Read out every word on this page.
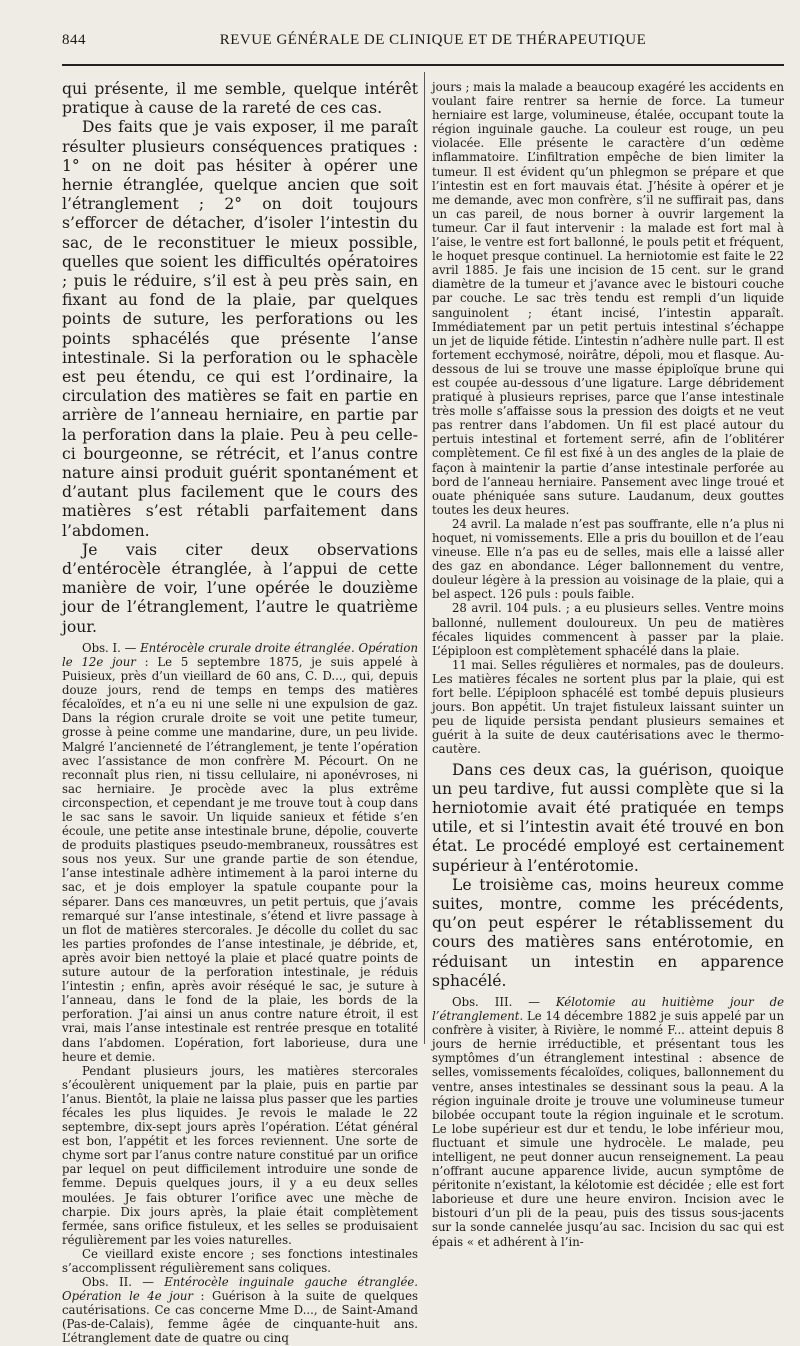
844	REVUE GÉNÉRALE DE CLINIQUE ET DE THÉRAPEUTIQUE

qui présente, il me semble, quelque intérêt pratique à cause de la rareté de ces cas.

Des faits que je vais exposer, il me paraît résulter plusieurs conséquences pratiques : 1° on ne doit pas hésiter à opérer une hernie étranglée, quelque ancien que soit l’étranglement ; 2° on doit toujours s’efforcer de détacher, d’isoler l’intestin du sac, de le reconstituer le mieux possible, quelles que soient les difficultés opératoires ; puis le réduire, s’il est à peu près sain, en fixant au fond de la plaie, par quelques points de suture, les perforations ou les points sphacélés que présente l’anse intestinale. Si la perforation ou le sphacèle est peu étendu, ce qui est l’ordinaire, la circulation des matières se fait en partie en arrière de l’anneau herniaire, en partie par la perforation dans la plaie. Peu à peu celle-ci bourgeonne, se rétrécit, et l’anus contre nature ainsi produit guérit spontanément et d’autant plus facilement que le cours des matières s’est rétabli parfaitement dans l’abdomen.

Je vais citer deux observations d’entérocèle étranglée, à l’appui de cette manière de voir, l’une opérée le douzième jour de l’étranglement, l’autre le quatrième jour.

Obs. I. — Entérocèle crurale droite étranglée. Opération le 12e jour : Le 5 septembre 1875, je suis appelé à Puisieux, près d’un vieillard de 60 ans, C. D..., qui, depuis douze jours, rend de temps en temps des matières fécaloïdes, et n’a eu ni une selle ni une expulsion de gaz. Dans la région crurale droite se voit une petite tumeur, grosse à peine comme une mandarine, dure, un peu livide. Malgré l’ancienneté de l’étranglement, je tente l’opération avec l’assistance de mon confrère M. Pécourt. On ne reconnaît plus rien, ni tissu cellulaire, ni aponévroses, ni sac herniaire. Je procède avec la plus extrême circonspection, et cependant je me trouve tout à coup dans le sac sans le savoir. Un liquide sanieux et fétide s’en écoule, une petite anse intestinale brune, dépolie, couverte de produits plastiques pseudo-membraneux, roussâtres est sous nos yeux. Sur une grande partie de son étendue, l’anse intestinale adhère intimement à la paroi interne du sac, et je dois employer la spatule coupante pour la séparer. Dans ces manœuvres, un petit pertuis, que j’avais remarqué sur l’anse intestinale, s’étend et livre passage à un flot de matières stercorales. Je décolle du collet du sac les parties profondes de l’anse intestinale, je débride, et, après avoir bien nettoyé la plaie et placé quatre points de suture autour de la perforation intestinale, je réduis l’intestin ; enfin, après avoir réséqué le sac, je suture à l’anneau, dans le fond de la plaie, les bords de la perforation. J’ai ainsi un anus contre nature étroit, il est vrai, mais l’anse intestinale est rentrée presque en totalité dans l’abdomen. L’opération, fort laborieuse, dura une heure et demie.

Pendant plusieurs jours, les matières stercorales s’écoulèrent uniquement par la plaie, puis en partie par l’anus. Bientôt, la plaie ne laissa plus passer que les parties fécales les plus liquides. Je revois le malade le 22 septembre, dix-sept jours après l’opération. L’état général est bon, l’appétit et les forces reviennent. Une sorte de chyme sort par l’anus contre nature constitué par un orifice par lequel on peut difficilement introduire une sonde de femme. Depuis quelques jours, il y a eu deux selles moulées. Je fais obturer l’orifice avec une mèche de charpie. Dix jours après, la plaie était complètement fermée, sans orifice fistuleux, et les selles se produisaient régulièrement par les voies naturelles.

Ce vieillard existe encore ; ses fonctions intestinales s’accomplissent régulièrement sans coliques.

Obs. II. — Entérocèle inguinale gauche étranglée. Opération le 4e jour : Guérison à la suite de quelques cautérisations. Ce cas concerne Mme D..., de Saint-Amand (Pas-de-Calais), femme âgée de cinquante-huit ans. L’étranglement date de quatre ou cinq

jours ; mais la malade a beaucoup exagéré les accidents en voulant faire rentrer sa hernie de force. La tumeur herniaire est large, volumineuse, étalée, occupant toute la région inguinale gauche. La couleur est rouge, un peu violacée. Elle présente le caractère d’un œdème inflammatoire. L’infiltration empêche de bien limiter la tumeur. Il est évident qu’un phlegmon se prépare et que l’intestin est en fort mauvais état. J’hésite à opérer et je me demande, avec mon confrère, s’il ne suffirait pas, dans un cas pareil, de nous borner à ouvrir largement la tumeur. Car il faut intervenir : la malade est fort mal à l’aise, le ventre est fort ballonné, le pouls petit et fréquent, le hoquet presque continuel. La herniotomie est faite le 22 avril 1885. Je fais une incision de 15 cent. sur le grand diamètre de la tumeur et j’avance avec le bistouri couche par couche. Le sac très tendu est rempli d’un liquide sanguinolent ; étant incisé, l’intestin apparaît. Immédiatement par un petit pertuis intestinal s’échappe un jet de liquide fétide. L’intestin n’adhère nulle part. Il est fortement ecchymosé, noirâtre, dépoli, mou et flasque. Au-dessous de lui se trouve une masse épiploïque brune qui est coupée au-dessous d’une ligature. Large débridement pratiqué à plusieurs reprises, parce que l’anse intestinale très molle s’affaisse sous la pression des doigts et ne veut pas rentrer dans l’abdomen. Un fil est placé autour du pertuis intestinal et fortement serré, afin de l’oblitérer complètement. Ce fil est fixé à un des angles de la plaie de façon à maintenir la partie d’anse intestinale perforée au bord de l’anneau herniaire. Pansement avec linge troué et ouate phéniquée sans suture. Laudanum, deux gouttes toutes les deux heures.

24 avril. La malade n’est pas souffrante, elle n’a plus ni hoquet, ni vomissements. Elle a pris du bouillon et de l’eau vineuse. Elle n’a pas eu de selles, mais elle a laissé aller des gaz en abondance. Léger ballonnement du ventre, douleur légère à la pression au voisinage de la plaie, qui a bel aspect. 126 puls : pouls faible.

28 avril. 104 puls. ; a eu plusieurs selles. Ventre moins ballonné, nullement douloureux. Un peu de matières fécales liquides commencent à passer par la plaie. L’épiploon est complètement sphacélé dans la plaie.

11 mai. Selles régulières et normales, pas de douleurs. Les matières fécales ne sortent plus par la plaie, qui est fort belle. L’épiploon sphacélé est tombé depuis plusieurs jours. Bon appétit. Un trajet fistuleux laissant suinter un peu de liquide persista pendant plusieurs semaines et guérit à la suite de deux cautérisations avec le thermo-cautère.

Dans ces deux cas, la guérison, quoique un peu tardive, fut aussi complète que si la herniotomie avait été pratiquée en temps utile, et si l’intestin avait été trouvé en bon état. Le procédé employé est certainement supérieur à l’entérotomie.

Le troisième cas, moins heureux comme suites, montre, comme les précédents, qu’on peut espérer le rétablissement du cours des matières sans entérotomie, en réduisant un intestin en apparence sphacélé.

Obs. III. — Kélotomie au huitième jour de l’étranglement. Le 14 décembre 1882 je suis appelé par un confrère à visiter, à Rivière, le nommé F... atteint depuis 8 jours de hernie irréductible, et présentant tous les symptômes d’un étranglement intestinal : absence de selles, vomissements fécaloïdes, coliques, ballonnement du ventre, anses intestinales se dessinant sous la peau. A la région inguinale droite je trouve une volumineuse tumeur bilobée occupant toute la région inguinale et le scrotum. Le lobe supérieur est dur et tendu, le lobe inférieur mou, fluctuant et simule une hydrocèle. Le malade, peu intelligent, ne peut donner aucun renseignement. La peau n’offrant aucune apparence livide, aucun symptôme de péritonite n’existant, la kélotomie est décidée ; elle est fort laborieuse et dure une heure environ. Incision avec le bistouri d’un pli de la peau, puis des tissus sous-jacents sur la sonde cannelée jusqu’au sac. Incision du sac qui est épais « et adhérent à l’in-
